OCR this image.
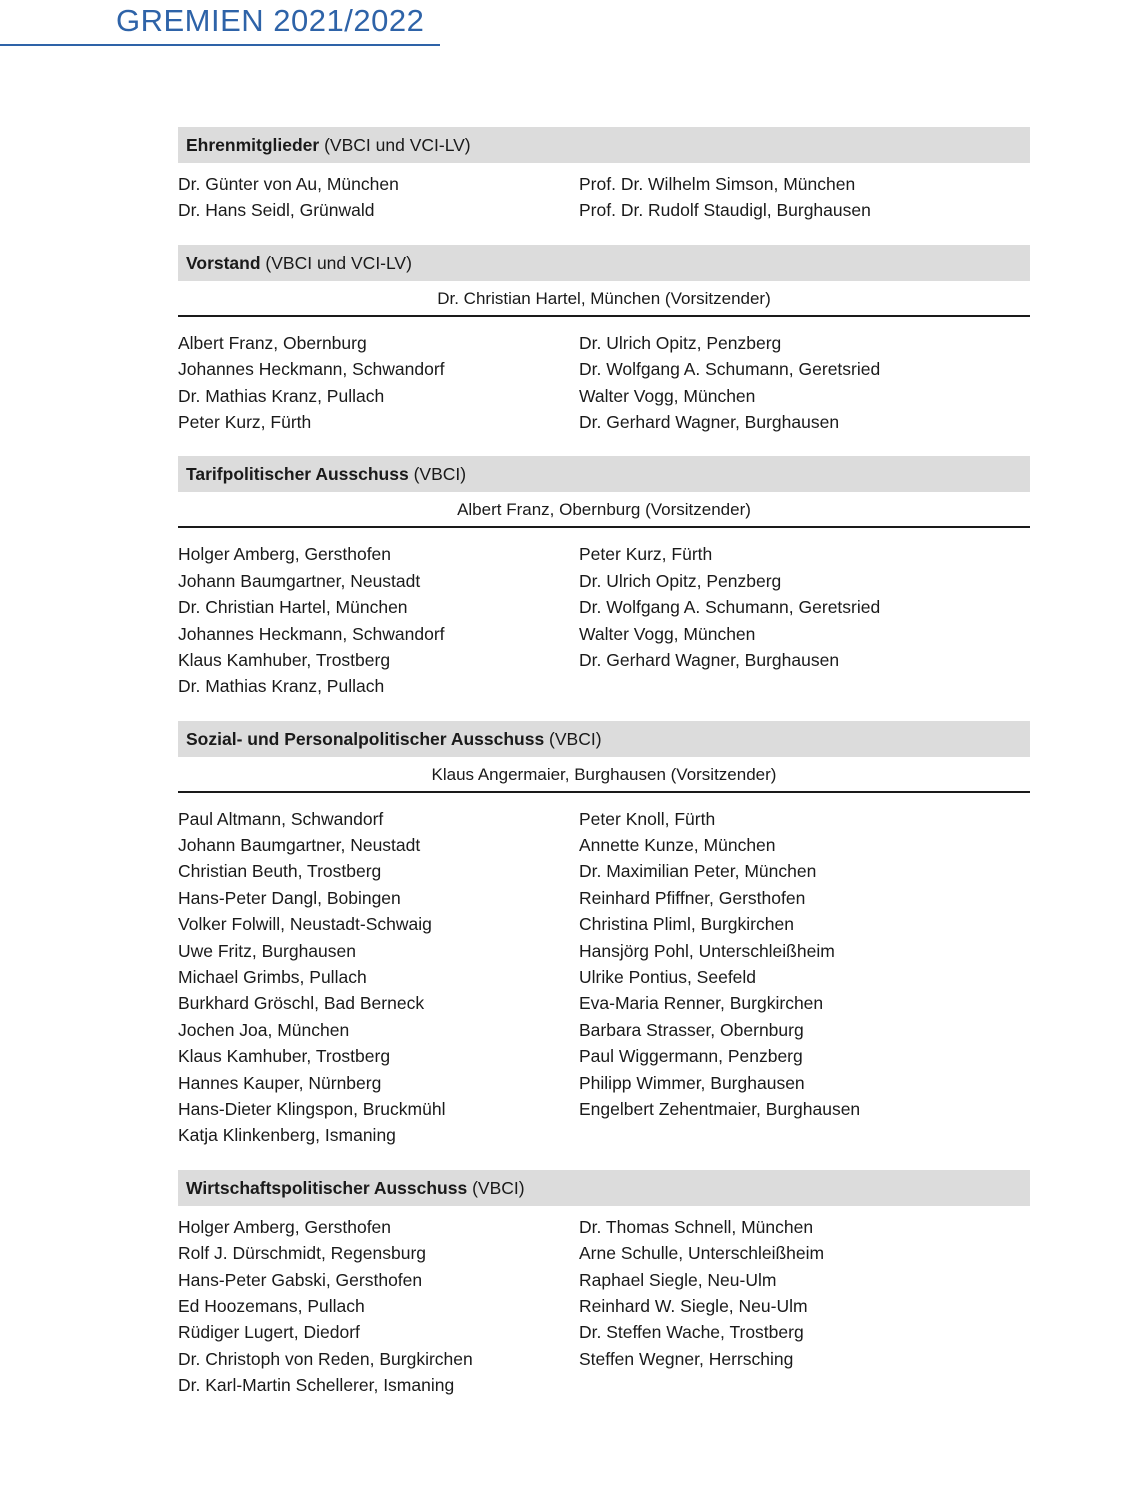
GREMIEN 2021/2022
Ehrenmitglieder (VBCI und VCI-LV)
Dr. Günter von Au, München
Dr. Hans Seidl, Grünwald
Prof. Dr. Wilhelm Simson, München
Prof. Dr. Rudolf Staudigl, Burghausen
Vorstand (VBCI und VCI-LV)
Dr. Christian Hartel, München (Vorsitzender)
Albert Franz, Obernburg
Johannes Heckmann, Schwandorf
Dr. Mathias Kranz, Pullach
Peter Kurz, Fürth
Dr. Ulrich Opitz, Penzberg
Dr. Wolfgang A. Schumann, Geretsried
Walter Vogg, München
Dr. Gerhard Wagner, Burghausen
Tarifpolitischer Ausschuss (VBCI)
Albert Franz, Obernburg (Vorsitzender)
Holger Amberg, Gersthofen
Johann Baumgartner, Neustadt
Dr. Christian Hartel, München
Johannes Heckmann, Schwandorf
Klaus Kamhuber, Trostberg
Dr. Mathias Kranz, Pullach
Peter Kurz, Fürth
Dr. Ulrich Opitz, Penzberg
Dr. Wolfgang A. Schumann, Geretsried
Walter Vogg, München
Dr. Gerhard Wagner, Burghausen
Sozial- und Personalpolitischer Ausschuss (VBCI)
Klaus Angermaier, Burghausen (Vorsitzender)
Paul Altmann, Schwandorf
Johann Baumgartner, Neustadt
Christian Beuth, Trostberg
Hans-Peter Dangl, Bobingen
Volker Folwill, Neustadt-Schwaig
Uwe Fritz, Burghausen
Michael Grimbs, Pullach
Burkhard Gröschl, Bad Berneck
Jochen Joa, München
Klaus Kamhuber, Trostberg
Hannes Kauper, Nürnberg
Hans-Dieter Klingspon, Bruckmühl
Katja Klinkenberg, Ismaning
Peter Knoll, Fürth
Annette Kunze, München
Dr. Maximilian Peter, München
Reinhard Pfiffner, Gersthofen
Christina Pliml, Burgkirchen
Hansjörg Pohl, Unterschleißheim
Ulrike Pontius, Seefeld
Eva-Maria Renner, Burgkirchen
Barbara Strasser, Obernburg
Paul Wiggermann, Penzberg
Philipp Wimmer, Burghausen
Engelbert Zehentmaier, Burghausen
Wirtschaftspolitischer Ausschuss (VBCI)
Holger Amberg, Gersthofen
Rolf J. Dürschmidt, Regensburg
Hans-Peter Gabski, Gersthofen
Ed Hoozemans, Pullach
Rüdiger Lugert, Diedorf
Dr. Christoph von Reden, Burgkirchen
Dr. Karl-Martin Schellerer, Ismaning
Dr. Thomas Schnell, München
Arne Schulle, Unterschleißheim
Raphael Siegle, Neu-Ulm
Reinhard W. Siegle, Neu-Ulm
Dr. Steffen Wache, Trostberg
Steffen Wegner, Herrsching
